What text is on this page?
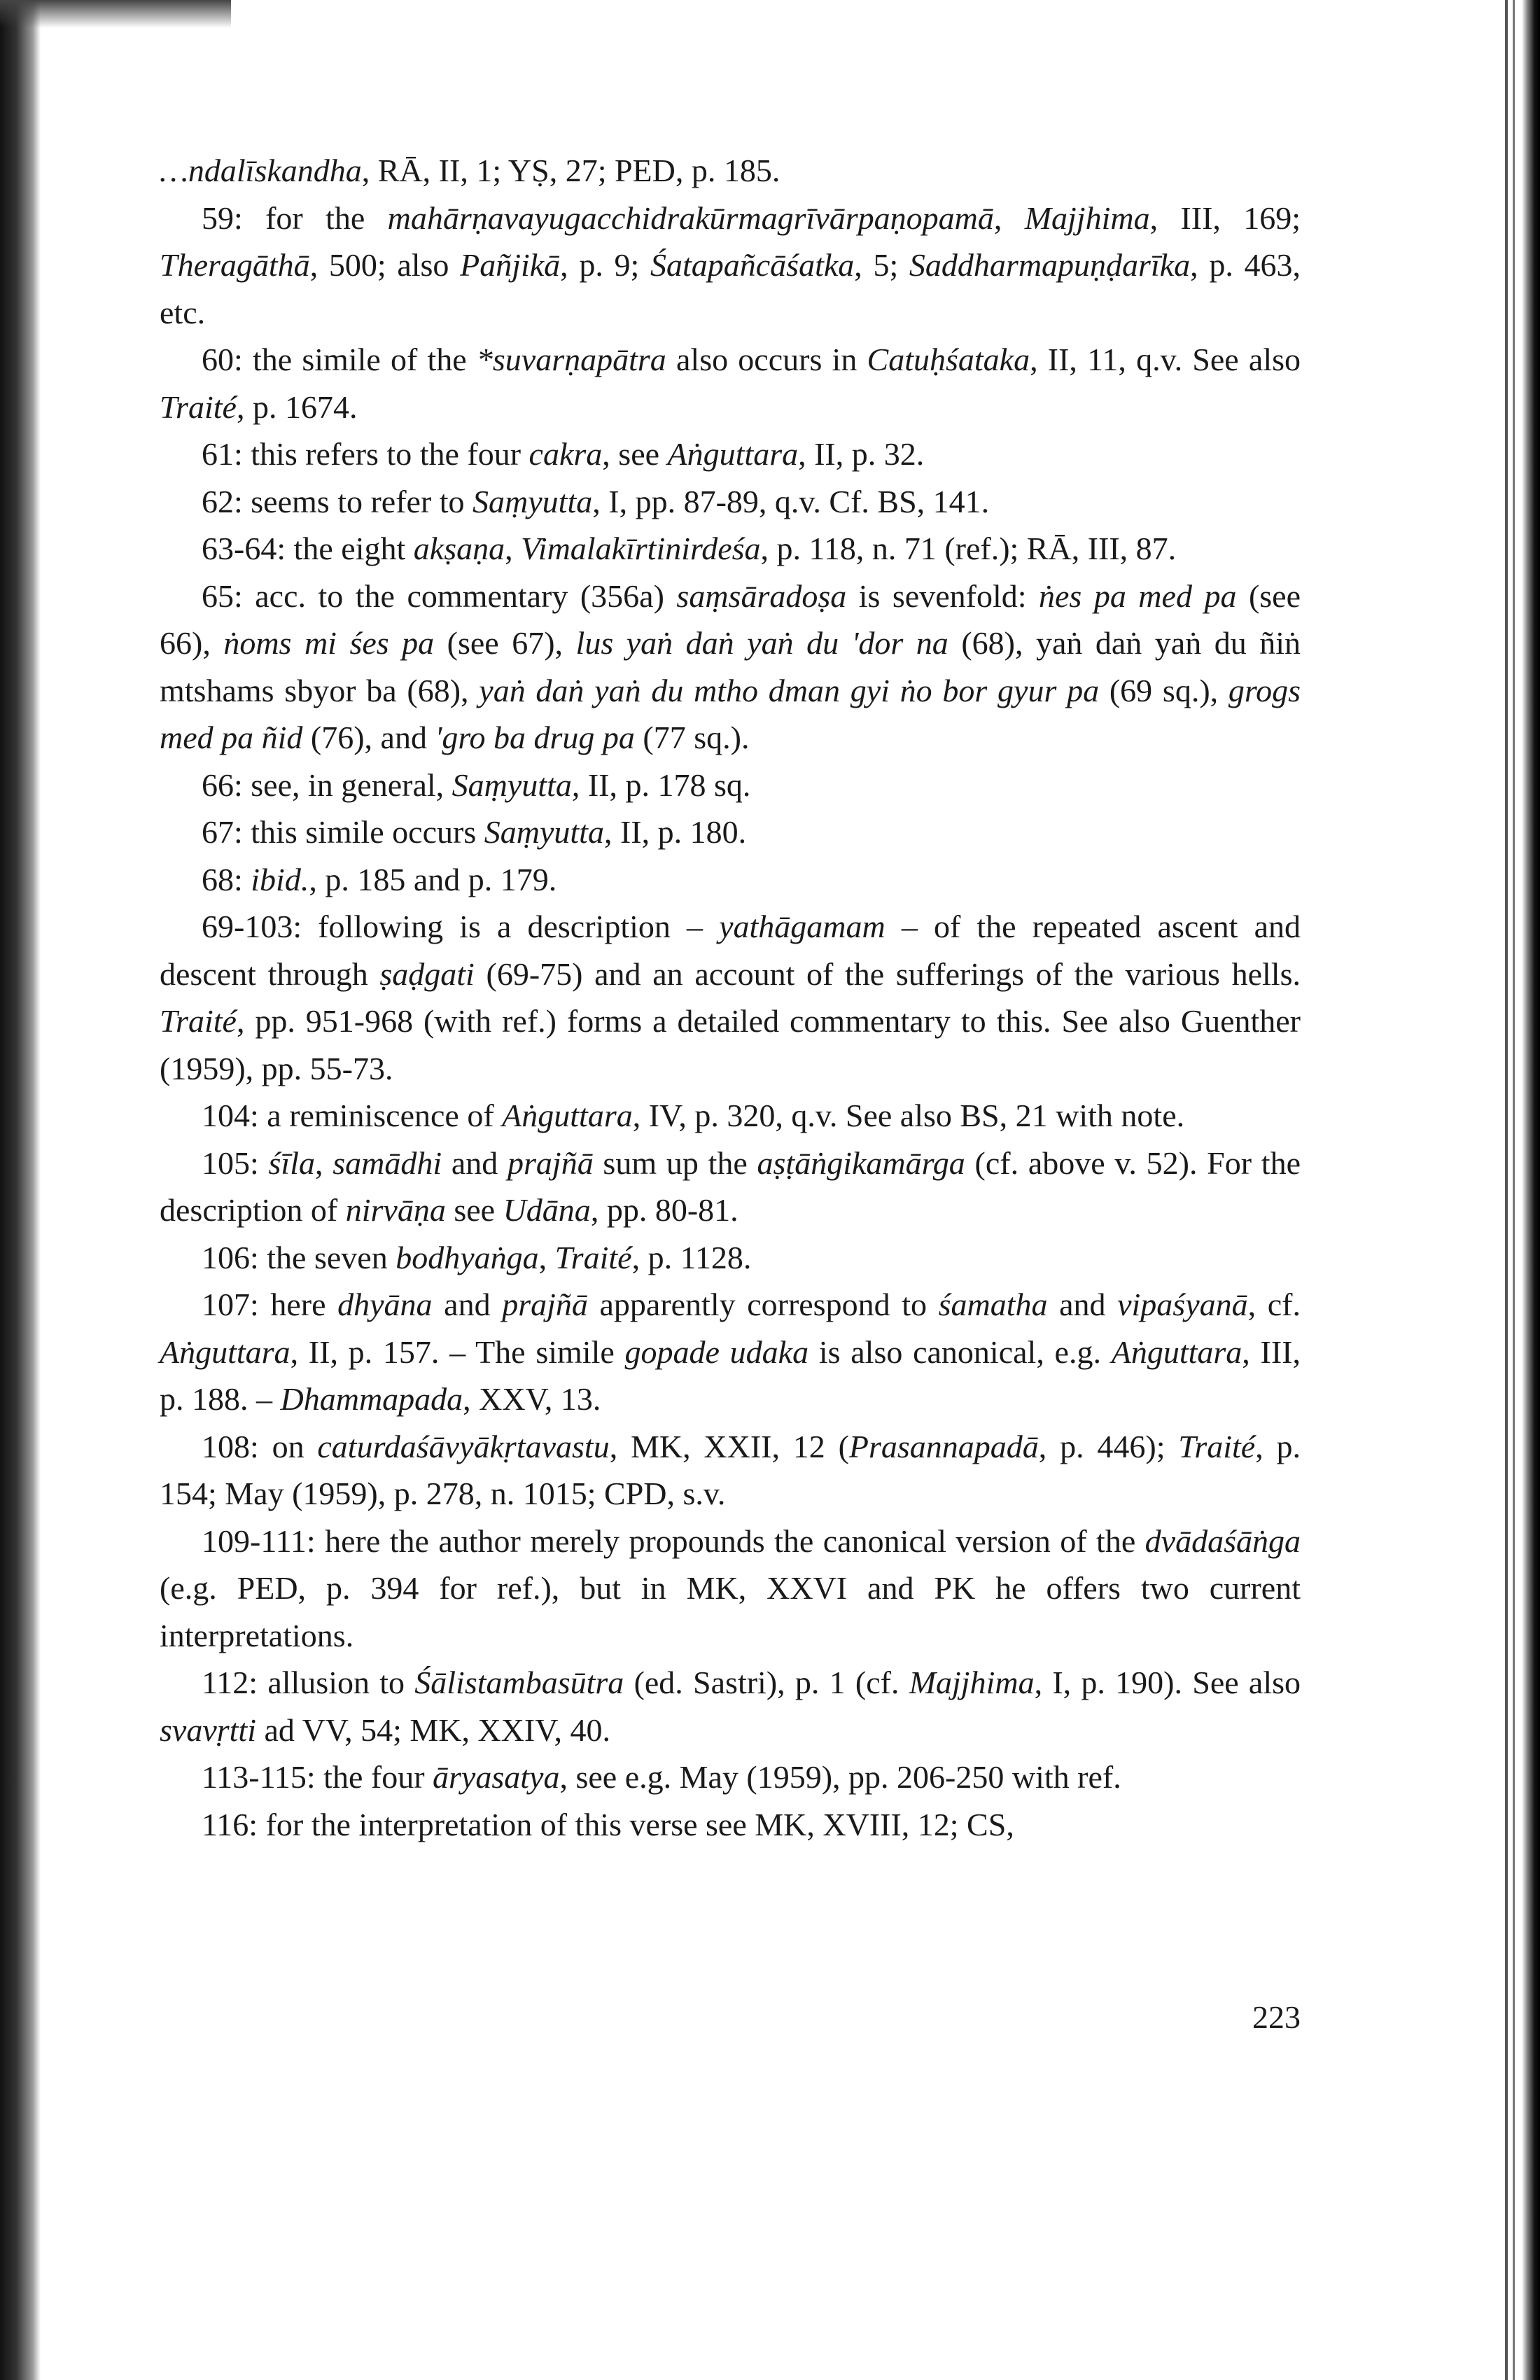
…ndalīskandha, RĀ, II, 1; YṢ, 27; PED, p. 185.

59: for the mahārṇavayugacchidrakūrmagrīvārpaṇopamā, Majjhima, III, 169; Theragāthā, 500; also Pañjikā, p. 9; Śatapañcāśatka, 5; Saddharmapuṇḍarīka, p. 463, etc.

60: the simile of the *suvarṇapātra also occurs in Catuḥśataka, II, 11, q.v. See also Traité, p. 1674.

61: this refers to the four cakra, see Aṅguttara, II, p. 32.

62: seems to refer to Saṃyutta, I, pp. 87-89, q.v. Cf. BS, 141.

63-64: the eight akṣaṇa, Vimalakīrtinirdeśa, p. 118, n. 71 (ref.); RĀ, III, 87.

65: acc. to the commentary (356a) saṃsāradoṣa is sevenfold: ṅes pa med pa (see 66), ṅoms mi śes pa (see 67), lus yaṅ daṅ yaṅ du 'dor na (68), yaṅ daṅ yaṅ du ñiṅ mtshams sbyor ba (68), yaṅ daṅ yaṅ du mtho dman gyi ṅo bor gyur pa (69 sq.), grogs med pa ñid (76), and 'gro ba drug pa (77 sq.).

66: see, in general, Saṃyutta, II, p. 178 sq.

67: this simile occurs Saṃyutta, II, p. 180.

68: ibid., p. 185 and p. 179.

69-103: following is a description – yathāgamam – of the repeated ascent and descent through ṣaḍgati (69-75) and an account of the sufferings of the various hells. Traité, pp. 951-968 (with ref.) forms a detailed commentary to this. See also Guenther (1959), pp. 55-73.

104: a reminiscence of Aṅguttara, IV, p. 320, q.v. See also BS, 21 with note.

105: śīla, samādhi and prajñā sum up the aṣṭāṅgikamārga (cf. above v. 52). For the description of nirvāṇa see Udāna, pp. 80-81.

106: the seven bodhyaṅga, Traité, p. 1128.

107: here dhyāna and prajñā apparently correspond to śamatha and vipaśyanā, cf. Aṅguttara, II, p. 157. – The simile gopade udaka is also canonical, e.g. Aṅguttara, III, p. 188. – Dhammapada, XXV, 13.

108: on caturdaśāvyākṛtavastu, MK, XXII, 12 (Prasannapadā, p. 446); Traité, p. 154; May (1959), p. 278, n. 1015; CPD, s.v.

109-111: here the author merely propounds the canonical version of the dvādaśāṅga (e.g. PED, p. 394 for ref.), but in MK, XXVI and PK he offers two current interpretations.

112: allusion to Śālistambasūtra (ed. Sastri), p. 1 (cf. Majjhima, I, p. 190). See also svavṛtti ad VV, 54; MK, XXIV, 40.

113-115: the four āryasatya, see e.g. May (1959), pp. 206-250 with ref.

116: for the interpretation of this verse see MK, XVIII, 12; CS,

223
